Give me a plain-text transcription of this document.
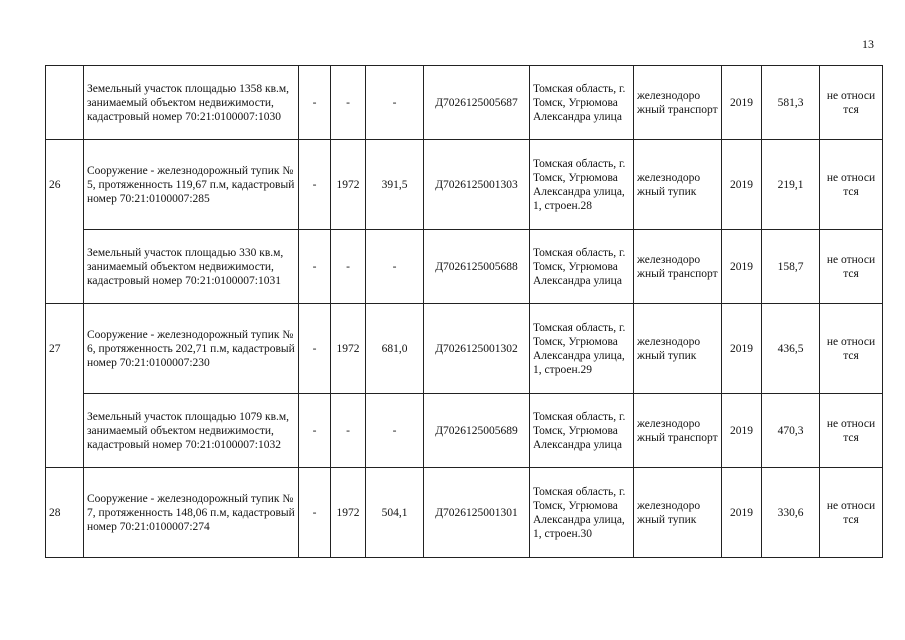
13
	Земельный участок площадью 1358 кв.м, занимаемый объектом недвижимости, кадастровый номер 70:21:0100007:1030	-	-	-	Д7026125005687	Томская область, г. Томск, Угрюмова Александра улица	железнодоро жный транспорт	2019	581,3	не относи тся
26	Сооружение - железнодорожный тупик № 5, протяженность 119,67 п.м, кадастровый номер 70:21:0100007:285	-	1972	391,5	Д7026125001303	Томская область, г. Томск, Угрюмова Александра улица, 1, строен.28	железнодоро жный тупик	2019	219,1	не относи тся
	Земельный участок площадью 330 кв.м, занимаемый объектом недвижимости, кадастровый номер 70:21:0100007:1031	-	-	-	Д7026125005688	Томская область, г. Томск, Угрюмова Александра улица	железнодоро жный транспорт	2019	158,7	не относи тся
27	Сооружение - железнодорожный тупик № 6, протяженность 202,71 п.м, кадастровый номер 70:21:0100007:230	-	1972	681,0	Д7026125001302	Томская область, г. Томск, Угрюмова Александра улица, 1, строен.29	железнодоро жный тупик	2019	436,5	не относи тся
	Земельный участок площадью 1079 кв.м, занимаемый объектом недвижимости, кадастровый номер 70:21:0100007:1032	-	-	-	Д7026125005689	Томская область, г. Томск, Угрюмова Александра улица	железнодоро жный транспорт	2019	470,3	не относи тся
28	Сооружение - железнодорожный тупик № 7, протяженность 148,06 п.м, кадастровый номер 70:21:0100007:274	-	1972	504,1	Д7026125001301	Томская область, г. Томск, Угрюмова Александра улица, 1, строен.30	железнодоро жный тупик	2019	330,6	не относи тся
